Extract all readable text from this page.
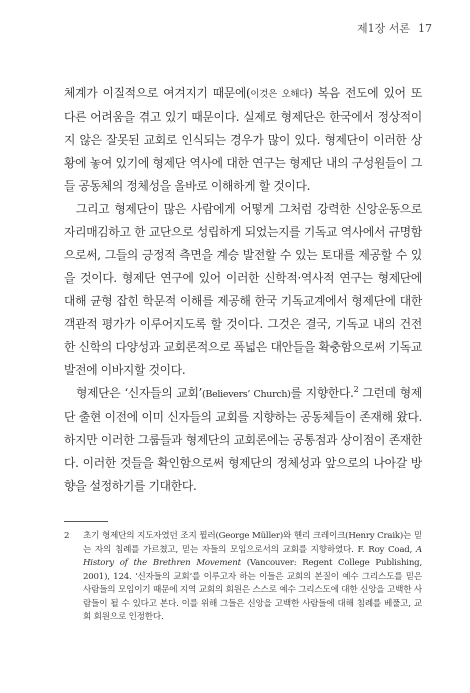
제1장 서론 17

체계가 이질적으로 여겨지기 때문에(이것은 오해다) 복음 전도에 있어 또 다른 어려움을 겪고 있기 때문이다. 실제로 형제단은 한국에서 정상적이지 않은 잘못된 교회로 인식되는 경우가 많이 있다. 형제단이 이러한 상황에 놓여 있기에 형제단 역사에 대한 연구는 형제단 내의 구성원들이 그들 공동체의 정체성을 올바로 이해하게 할 것이다.

그리고 형제단이 많은 사람에게 어떻게 그처럼 강력한 신앙운동으로 자리매김하고 한 교단으로 성립하게 되었는지를 기독교 역사에서 규명함으로써, 그들의 긍정적 측면을 계승 발전할 수 있는 토대를 제공할 수 있을 것이다. 형제단 연구에 있어 이러한 신학적·역사적 연구는 형제단에 대해 균형 잡힌 학문적 이해를 제공해 한국 기독교계에서 형제단에 대한 객관적 평가가 이루어지도록 할 것이다. 그것은 결국, 기독교 내의 건전한 신학의 다양성과 교회론적으로 폭넓은 대안들을 확충함으로써 기독교 발전에 이바지할 것이다.

형제단은 ‘신자들의 교회’(Believers’ Church)를 지향한다.$^2$ 그런데 형제단 출현 이전에 이미 신자들의 교회를 지향하는 공동체들이 존재해 왔다. 하지만 이러한 그룹들과 형제단의 교회론에는 공통점과 상이점이 존재한다. 이러한 것들을 확인함으로써 형제단의 정체성과 앞으로의 나아갈 방향을 설정하기를 기대한다.

2 초기 형제단의 지도자였던 조지 뮐러(George Müller)와 헨리 크레이크(Henry Craik)는 믿는 자의 침례를 가르쳤고, 믿는 자들의 모임으로서의 교회를 지향하였다. F. Roy Coad, A History of the Brethren Movement (Vancouver: Regent College Publishing, 2001), 124. ‘신자들의 교회’를 이루고자 하는 이들은 교회의 본질이 예수 그리스도를 믿은 사람들의 모임이기 때문에 지역 교회의 회원은 스스로 예수 그리스도에 대한 신앙을 고백한 사람들이 될 수 있다고 본다. 이를 위해 그들은 신앙을 고백한 사람들에 대해 침례를 베풀고, 교회 회원으로 인정한다.
